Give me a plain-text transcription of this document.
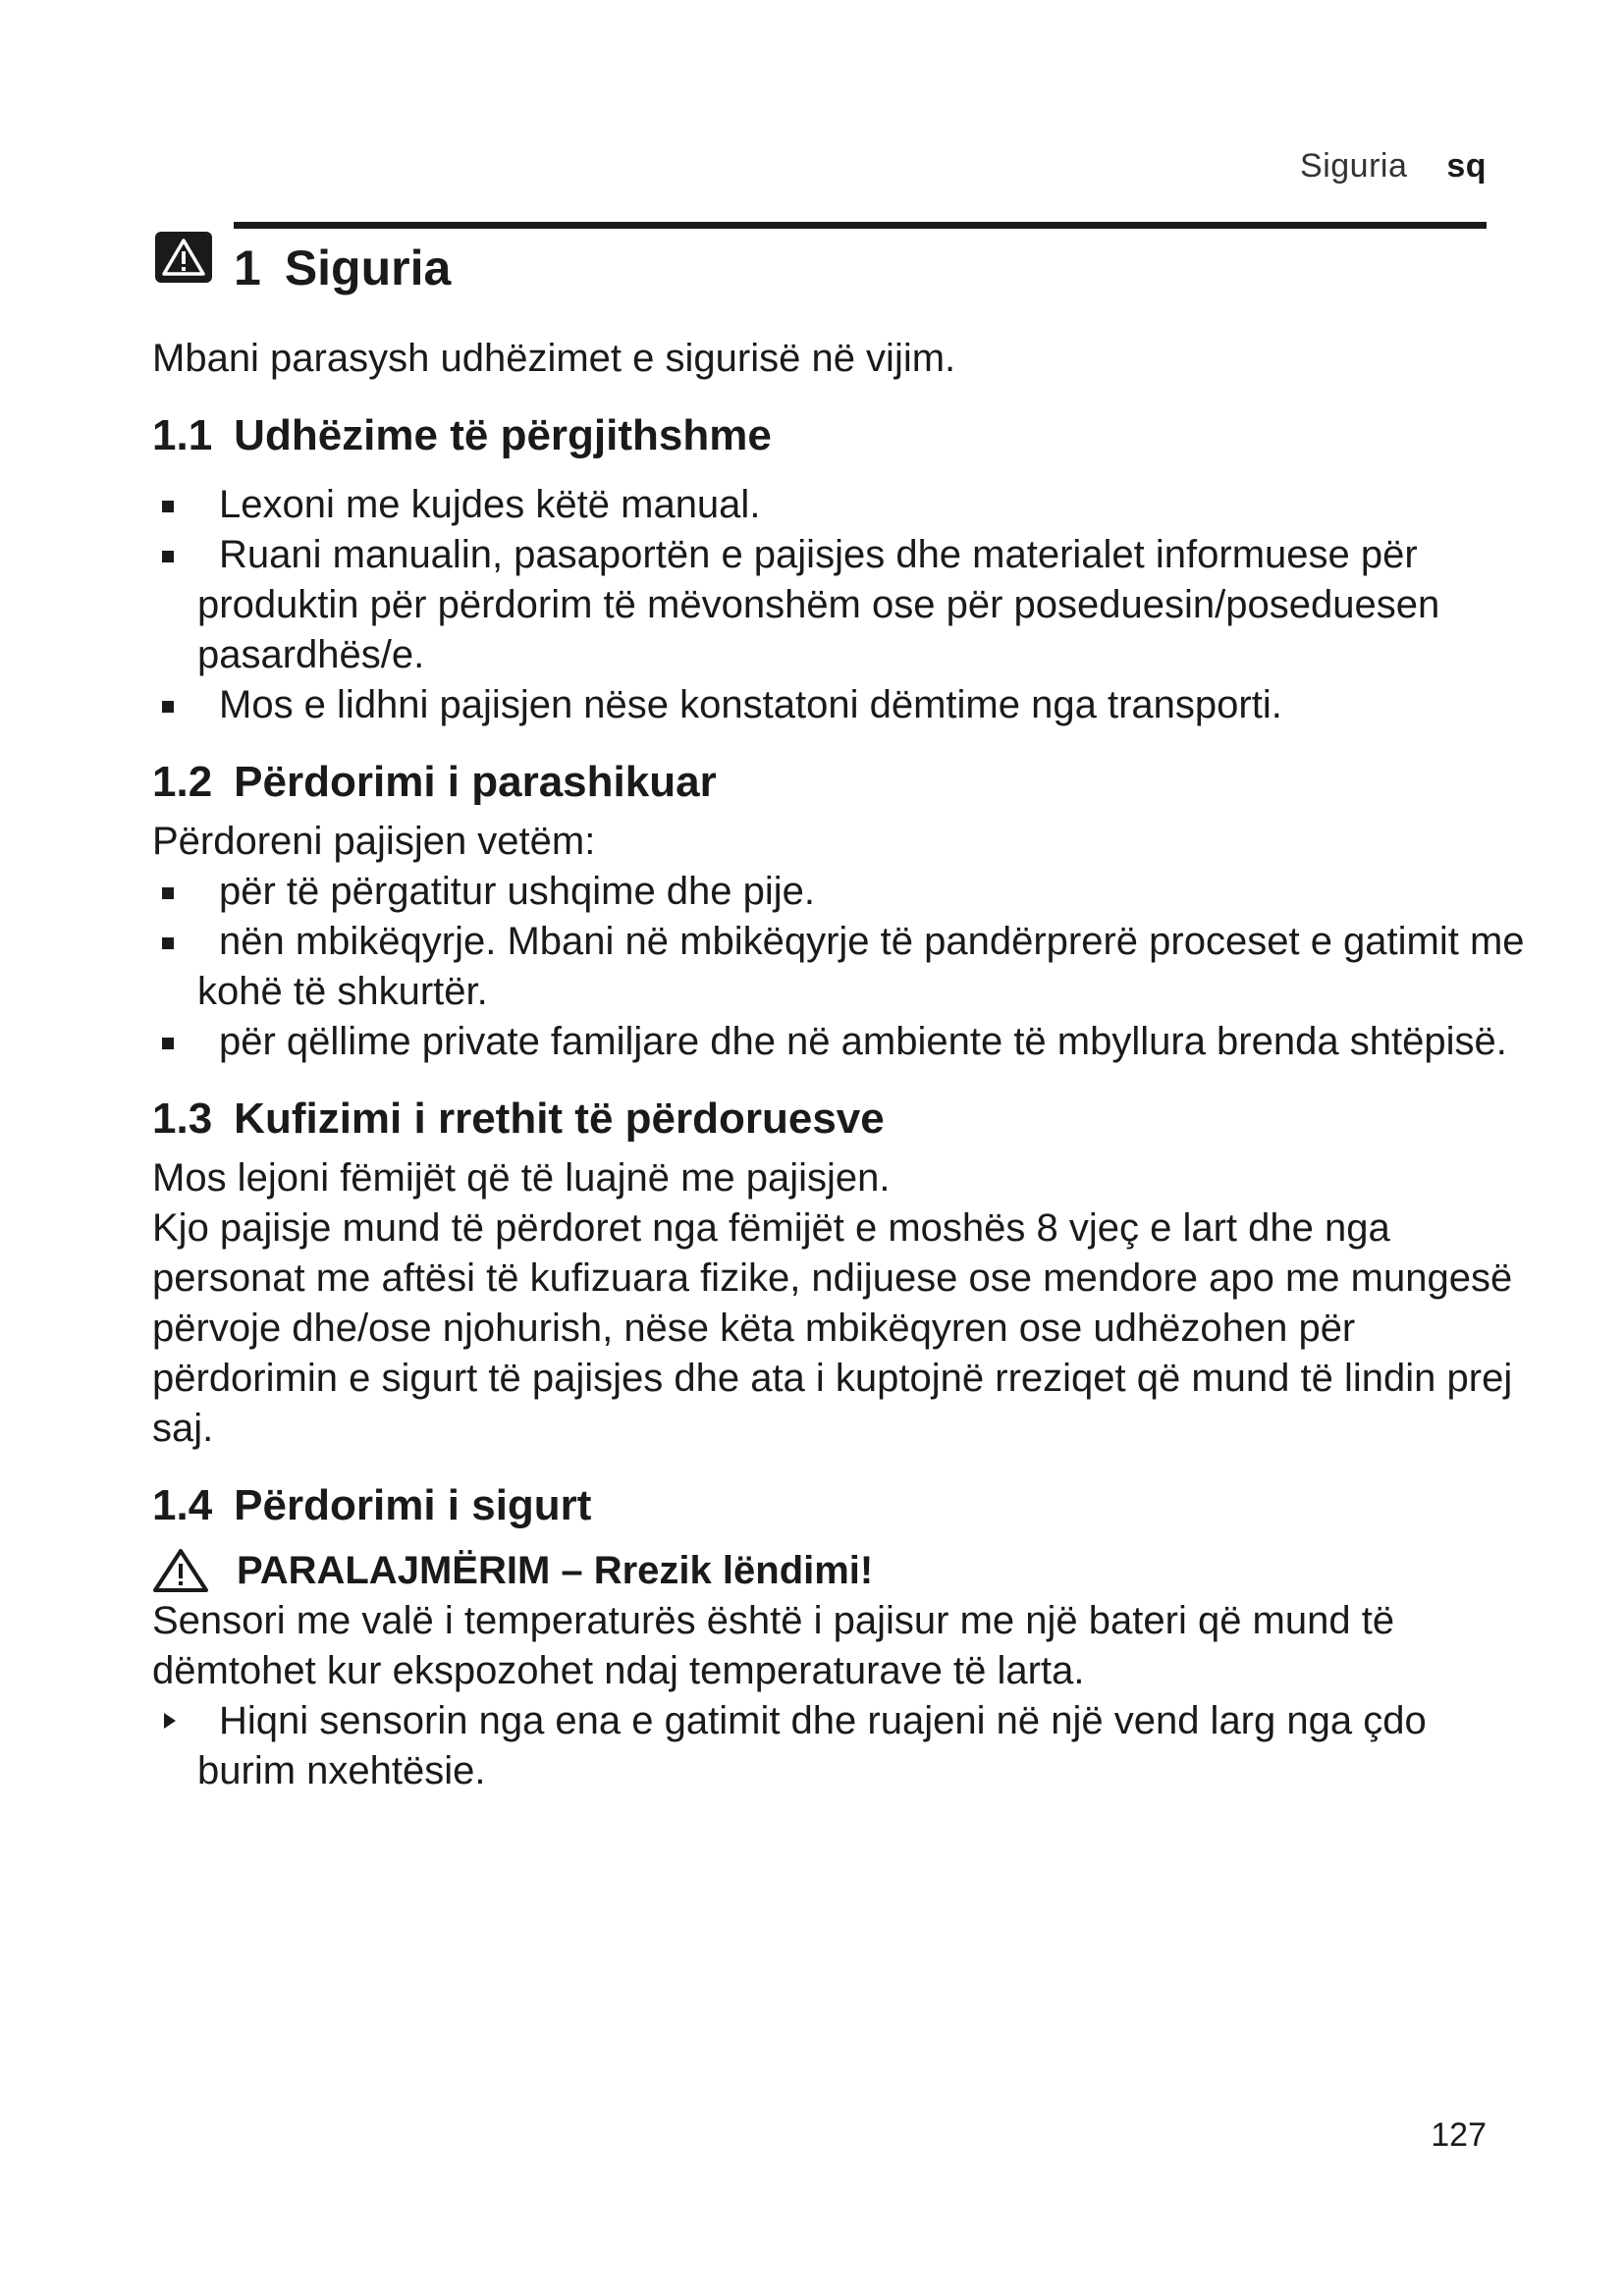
Siguria sq
1 Siguria

Mbani parasysh udhëzimet e sigurisë në vijim.

1.1 Udhëzime të përgjithshme
Lexoni me kujdes këtë manual.
Ruani manualin, pasaportën e pajisjes dhe materialet informuese për produktin për përdorim të mëvonshëm ose për poseduesin/poseduesen pasardhës/e.
Mos e lidhni pajisjen nëse konstatoni dëmtime nga transporti.
1.2 Përdorimi i parashikuar

Përdoreni pajisjen vetëm:

për të përgatitur ushqime dhe pije.
nën mbikëqyrje. Mbani në mbikëqyrje të pandërprerë proceset e gatimit me kohë të shkurtër.
për qëllime private familjare dhe në ambiente të mbyllura brenda shtëpisë.
1.3 Kufizimi i rrethit të përdoruesve

Mos lejoni fëmijët që të luajnë me pajisjen.

Kjo pajisje mund të përdoret nga fëmijët e moshës 8 vjeç e lart dhe nga personat me aftësi të kufizuara fizike, ndijuese ose mendore apo me mungesë përvoje dhe/ose njohurish, nëse këta mbikëqyren ose udhëzohen për përdorimin e sigurt të pajisjes dhe ata i kuptojnë rreziqet që mund të lindin prej saj.

1.4 Përdorimi i sigurt
PARALAJMËRIM – Rrezik lëndimi!

Sensori me valë i temperaturës është i pajisur me një bateri që mund të dëmtohet kur ekspozohet ndaj temperaturave të larta.

Hiqni sensorin nga ena e gatimit dhe ruajeni në një vend larg nga çdo burim nxehtësie.
127
